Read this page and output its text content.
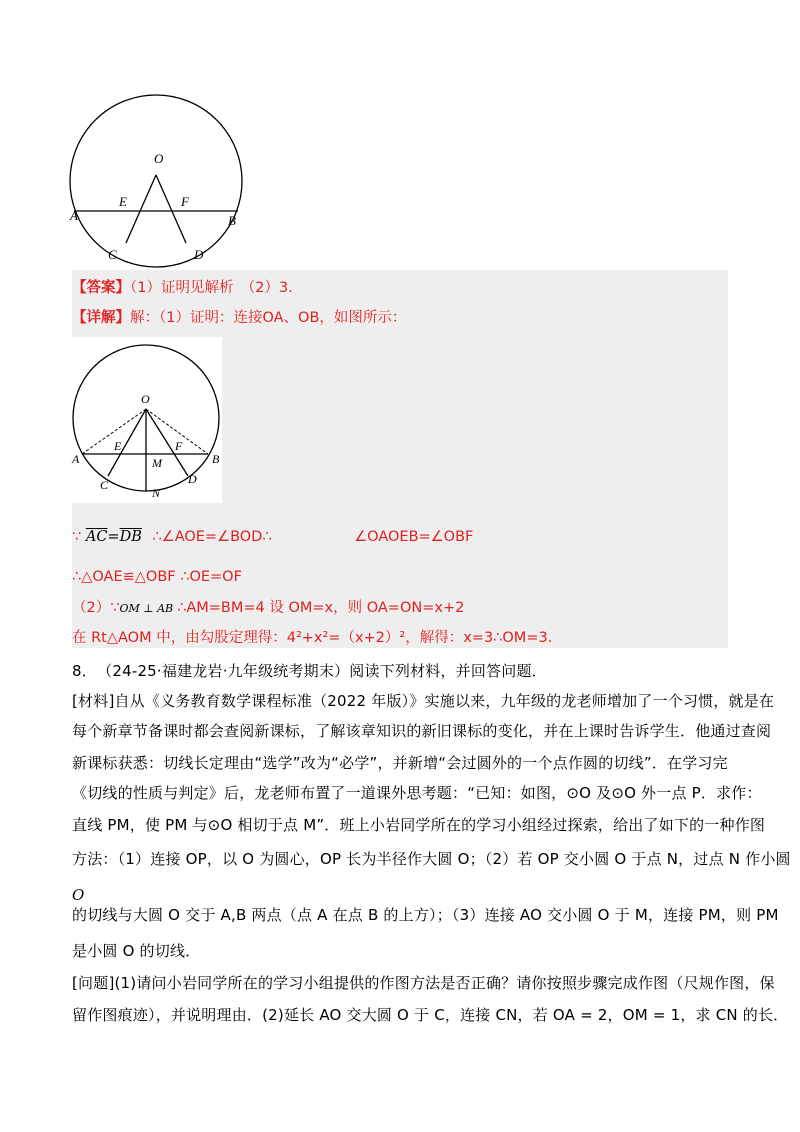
O
E	F
A	B
C	D
【答案】（1）证明见解析　（2）3．
【详解】解：（1）证明：连接OA、OB，如图所示：
O
E	F
A	B
M
C	D
N
∵ $\overline{AC}=\overline{DB}$ ∴∠AOE=∠BOD∴	∠OAOEB=∠OBF
∴△OAE≌△OBF ∴OE=OF
（2）∵OM ⊥ AB ∴AM=BM=4 设 OM=x，则 OA=ON=x+2
在 Rt△AOM 中，由勾股定理得：4²+x²=（x+2）²，解得：x=3∴OM=3．
8．　（24-25·福建龙岩·九年级统考期末）阅读下列材料，并回答问题．
[材料]自从《义务教育数学课程标准（2022 年版）》实施以来，九年级的龙老师增加了一个习惯，就是在
每个新章节备课时都会查阅新课标，了解该章知识的新旧课标的变化，并在上课时告诉学生．他通过查阅
新课标获悉：切线长定理由“选学”改为“必学”，并新增“会过圆外的一个点作圆的切线”．在学习完
《切线的性质与判定》后，龙老师布置了一道课外思考题：“已知：如图，⊙O 及⊙O 外一点 P．求作：
直线 PM，使 PM 与⊙O 相切于点 M”．班上小岩同学所在的学习小组经过探索，给出了如下的一种作图
方法：（1）连接 OP，以 O 为圆心，OP 长为半径作大圆 O；（2）若 OP 交小圆 O 于点 N，过点 N 作小圆
O
的切线与大圆 O 交于 A,B 两点（点 A 在点 B 的上方）；（3）连接 AO 交小圆 O 于 M，连接 PM，则 PM
是小圆 O 的切线．
[问题](1)请问小岩同学所在的学习小组提供的作图方法是否正确？请你按照步骤完成作图（尺规作图，保
留作图痕迹），并说明理由．(2)延长 AO 交大圆 O 于 C，连接 CN，若 OA = 2，OM = 1，求 CN 的长．
